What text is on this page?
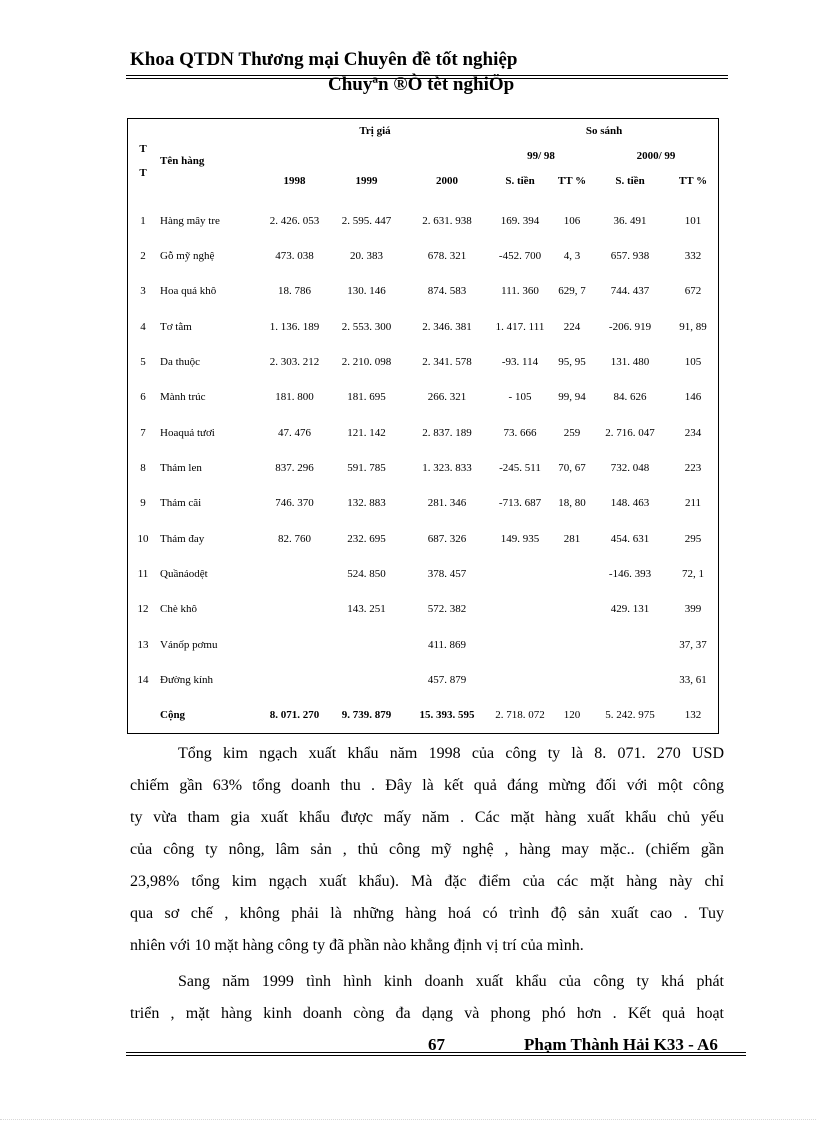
Khoa QTDN Thương mại Chuyên đề tốt nghiệp
Chuyªn ®Ò tèt nghiÖp
T T	Tên hàng	Trị giá			So sánh			
					99/ 98		2000/ 99	
		1998	1999	2000	S. tiền	TT %	S. tiền	TT %

1	Hàng mây tre	2. 426. 053	2. 595. 447	2. 631. 938	169. 394	106	36. 491	101
2	Gỗ mỹ nghệ	473. 038	20. 383	678. 321	-452. 700	4, 3	657. 938	332
3	Hoa quả khô	18. 786	130. 146	874. 583	111. 360	629, 7	744. 437	672
4	Tơ tằm	1. 136. 189	2. 553. 300	2. 346. 381	1. 417. 111	224	-206. 919	91, 89
5	Da thuộc	2. 303. 212	2. 210. 098	2. 341. 578	-93. 114	95, 95	131. 480	105
6	Mành trúc	181. 800	181. 695	266. 321	- 105	99, 94	84. 626	146
7	Hoaquả tươi	47. 476	121. 142	2. 837. 189	73. 666	259	2. 716. 047	234
8	Thảm len	837. 296	591. 785	1. 323. 833	-245. 511	70, 67	732. 048	223
9	Thảm cãi	746. 370	132. 883	281. 346	-713. 687	18, 80	148. 463	211
10	Thảm đay	82. 760	232. 695	687. 326	149. 935	281	454. 631	295
11	Quầnáodệt		524. 850	378. 457			-146. 393	72, 1
12	Chè khô		143. 251	572. 382			429. 131	399
13	Vánốp pơmu			411. 869				37, 37
14	Đường kính			457. 879				33, 61
	Cộng	8. 071. 270	9. 739. 879	15. 393. 595	2. 718. 072	120	5. 242. 975	132
Tổng kim ngạch xuất khẩu năm 1998 của công ty là 8. 071. 270 USD
chiếm gần 63% tổng doanh thu . Đây là kết quả đáng mừng đối với một công
ty vừa tham gia xuất khẩu được mấy năm . Các mặt hàng xuất khẩu chủ yếu
của công ty nông, lâm sản , thủ công mỹ nghệ , hàng may mặc.. (chiếm gần
23,98% tổng kim ngạch xuất khẩu). Mà đặc điểm của các mặt hàng này chỉ
qua sơ chế , không phải là những hàng hoá có trình độ sản xuất cao . Tuy
nhiên với 10 mặt hàng công ty đã phần nào khẳng định vị trí của mình.
Sang năm 1999 tình hình kinh doanh xuất khẩu của công ty khá phát
triển , mặt hàng kinh doanh còng đa dạng và phong phó hơn . Kết quả hoạt
67	Phạm Thành Hải K33 - A6
